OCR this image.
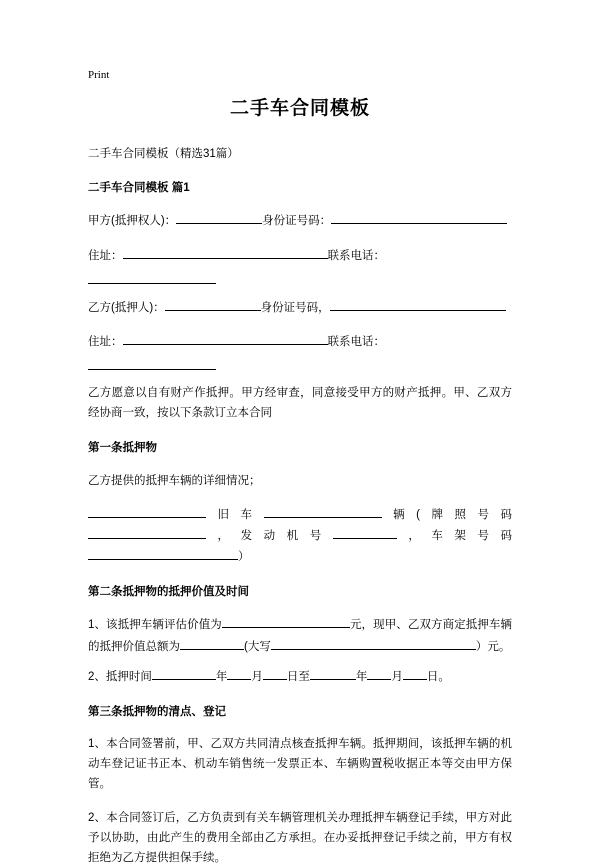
Print
二手车合同模板
二手车合同模板（精选31篇）
二手车合同模板 篇1

甲方(抵押权人)：	身份证号码：

住址：	联系电话：

乙方(抵押人)：	身份证号码，

住址：	联系电话：

乙方愿意以自有财产作抵押。甲方经审查，同意接受甲方的财产抵押。甲、乙双方经协商一致，按以下条款订立本合同

第一条抵押物

乙方提供的抵押车辆的详细情况；

旧车	辆(牌照号码，发动机号	，车架号码）

第二条抵押物的抵押价值及时间

1、该抵押车辆评估价值为	元，现甲、乙双方商定抵押车辆的抵押价值总额为	(大写	）元。

2、抵押时间	年 月 日至	年 月 日。

第三条抵押物的清点、登记

1、本合同签署前，甲、乙双方共同清点核查抵押车辆。抵押期间，该抵押车辆的机动车登记证书正本、机动车销售统一发票正本、车辆购置税收据正本等交由甲方保管。

2、本合同签订后，乙方负责到有关车辆管理机关办理抵押车辆登记手续，甲方对此予以协助，由此产生的费用全部由乙方承担。在办妥抵押登记手续之前，甲方有权拒绝为乙方提供担保手续。
